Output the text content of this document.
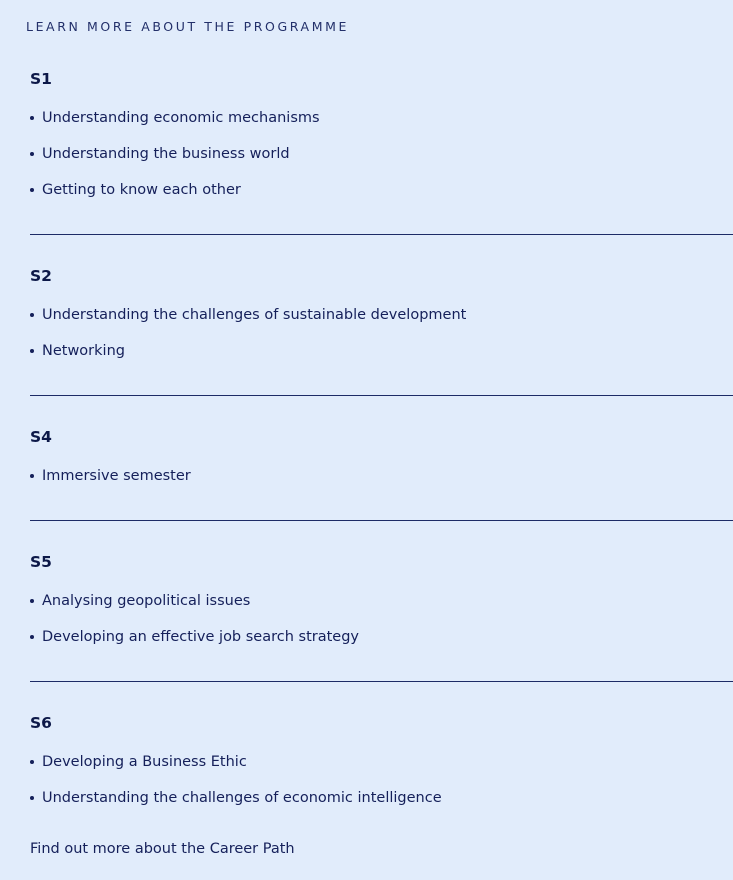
LEARN MORE ABOUT THE PROGRAMME
S1
Understanding economic mechanisms
Understanding the business world
Getting to know each other
S2
Understanding the challenges of sustainable development
Networking
S4
Immersive semester
S5
Analysing geopolitical issues
Developing an effective job search strategy
S6
Developing a Business Ethic
Understanding the challenges of economic intelligence
Find out more about the Career Path
